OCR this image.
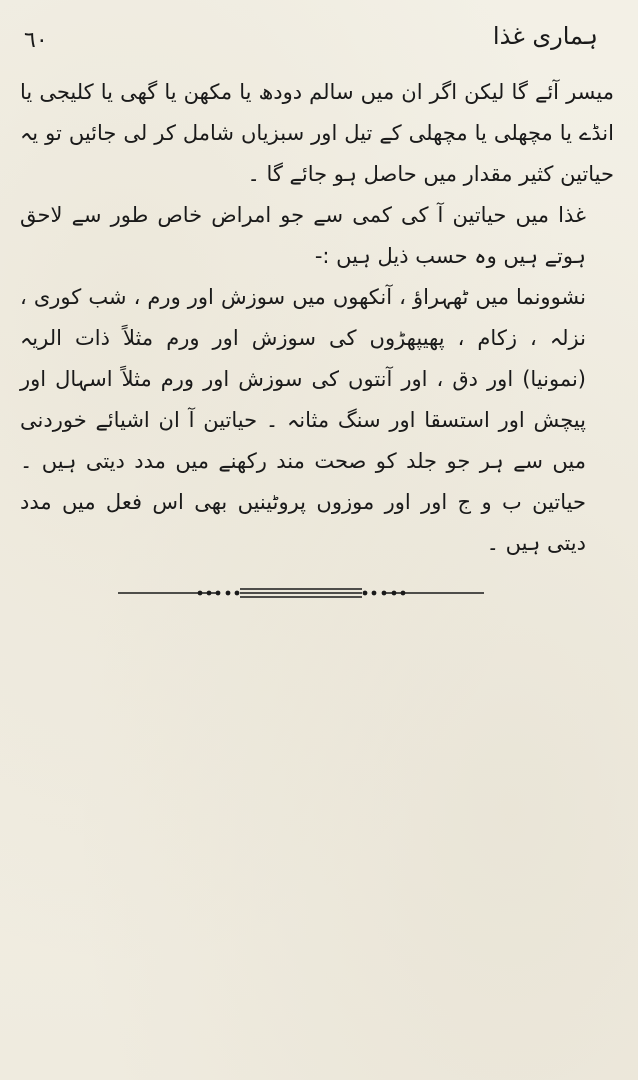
٦٠	ہماری غذا

میسر آئے گا لیکن اگر ان میں سالم دودھ یا مکھن یا گھی یا کلیجی یا انڈے یا مچھلی یا مچھلی کے تیل اور سبزیاں شامل کر لی جائیں تو یہ حیاتین کثیر مقدار میں حاصل ہو جائے گا ۔

غذا میں حیاتین آ کی کمی سے جو امراض خاص طور سے لاحق ہوتے ہیں وہ حسب ذیل ہیں :-

نشوونما میں ٹھہراؤ ، آنکھوں میں سوزش اور ورم ، شب کوری ، نزلہ ، زکام ، پھیپھڑوں کی سوزش اور ورم مثلاً ذات الریہ (نمونیا) اور دق ، اور آنتوں کی سوزش اور ورم مثلاً اسہال اور پیچش اور استسقا اور سنگ مثانہ ۔ حیاتین آ ان اشیائے خوردنی میں سے ہر جو جلد کو صحت مند رکھنے میں مدد دیتی ہیں ۔ حیاتین ب و ج اور اور موزوں پروٹینیں بھی اس فعل میں مدد دیتی ہیں ۔
